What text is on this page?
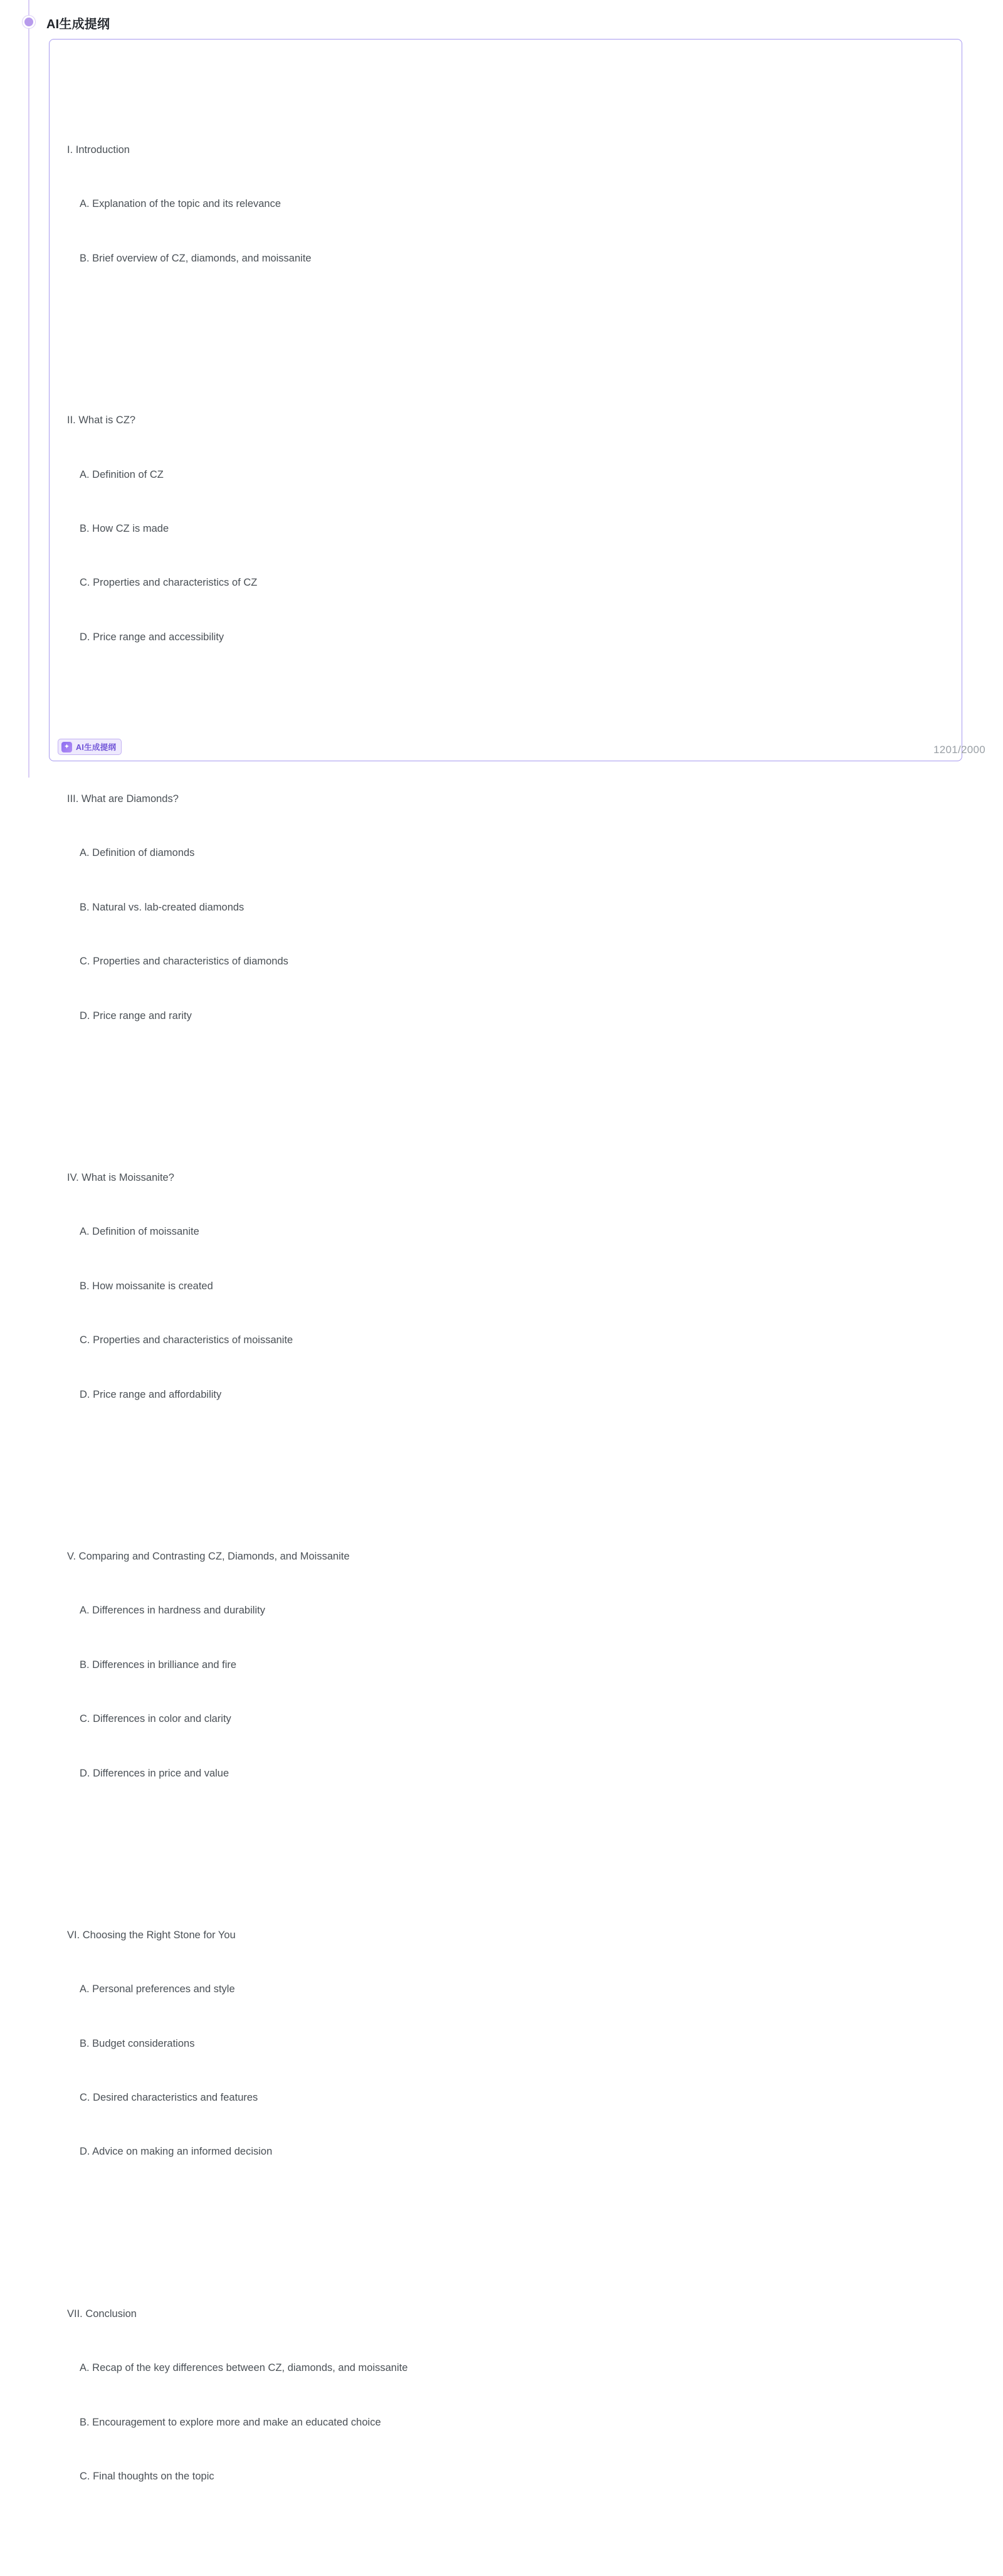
AI生成提纲

I. Introduction

A. Explanation of the topic and its relevance

B. Brief overview of CZ, diamonds, and moissanite

II. What is CZ?

A. Definition of CZ

B. How CZ is made

C. Properties and characteristics of CZ

D. Price range and accessibility

III. What are Diamonds?

A. Definition of diamonds

B. Natural vs. lab-created diamonds

C. Properties and characteristics of diamonds

D. Price range and rarity

IV. What is Moissanite?

A. Definition of moissanite

B. How moissanite is created

C. Properties and characteristics of moissanite

D. Price range and affordability

V. Comparing and Contrasting CZ, Diamonds, and Moissanite

A. Differences in hardness and durability

B. Differences in brilliance and fire

C. Differences in color and clarity

D. Differences in price and value

VI. Choosing the Right Stone for You

A. Personal preferences and style

B. Budget considerations

C. Desired characteristics and features

D. Advice on making an informed decision

VII. Conclusion

A. Recap of the key differences between CZ, diamonds, and moissanite

B. Encouragement to explore more and make an educated choice

C. Final thoughts on the topic

✦ AI生成提纲	1201/2000
